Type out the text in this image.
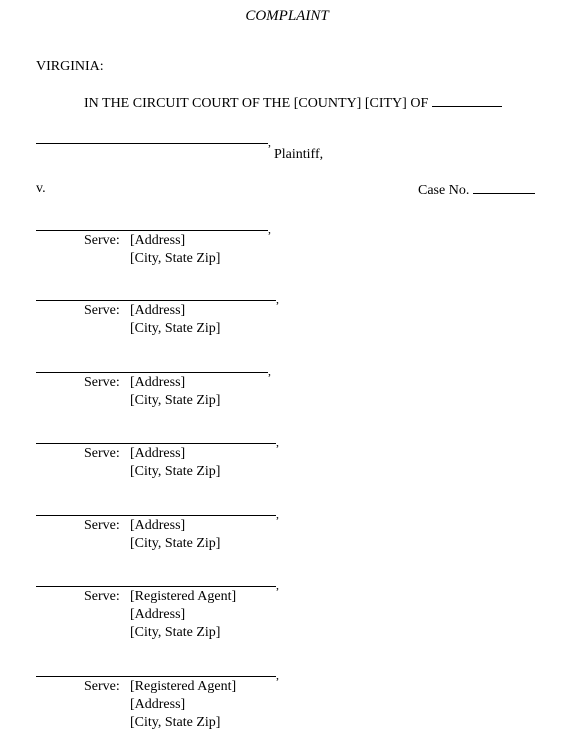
COMPLAINT
VIRGINIA:
IN THE CIRCUIT COURT OF THE [COUNTY] [CITY] OF
,
Plaintiff,
v.	Case No.
,
Serve: [Address]
[City, State Zip]
,
Serve: [Address]
[City, State Zip]
,
Serve: [Address]
[City, State Zip]
,
Serve: [Address]
[City, State Zip]
,
Serve: [Address]
[City, State Zip]
,
Serve: [Registered Agent]
[Address]
[City, State Zip]
,
Serve: [Registered Agent]
[Address]
[City, State Zip]
